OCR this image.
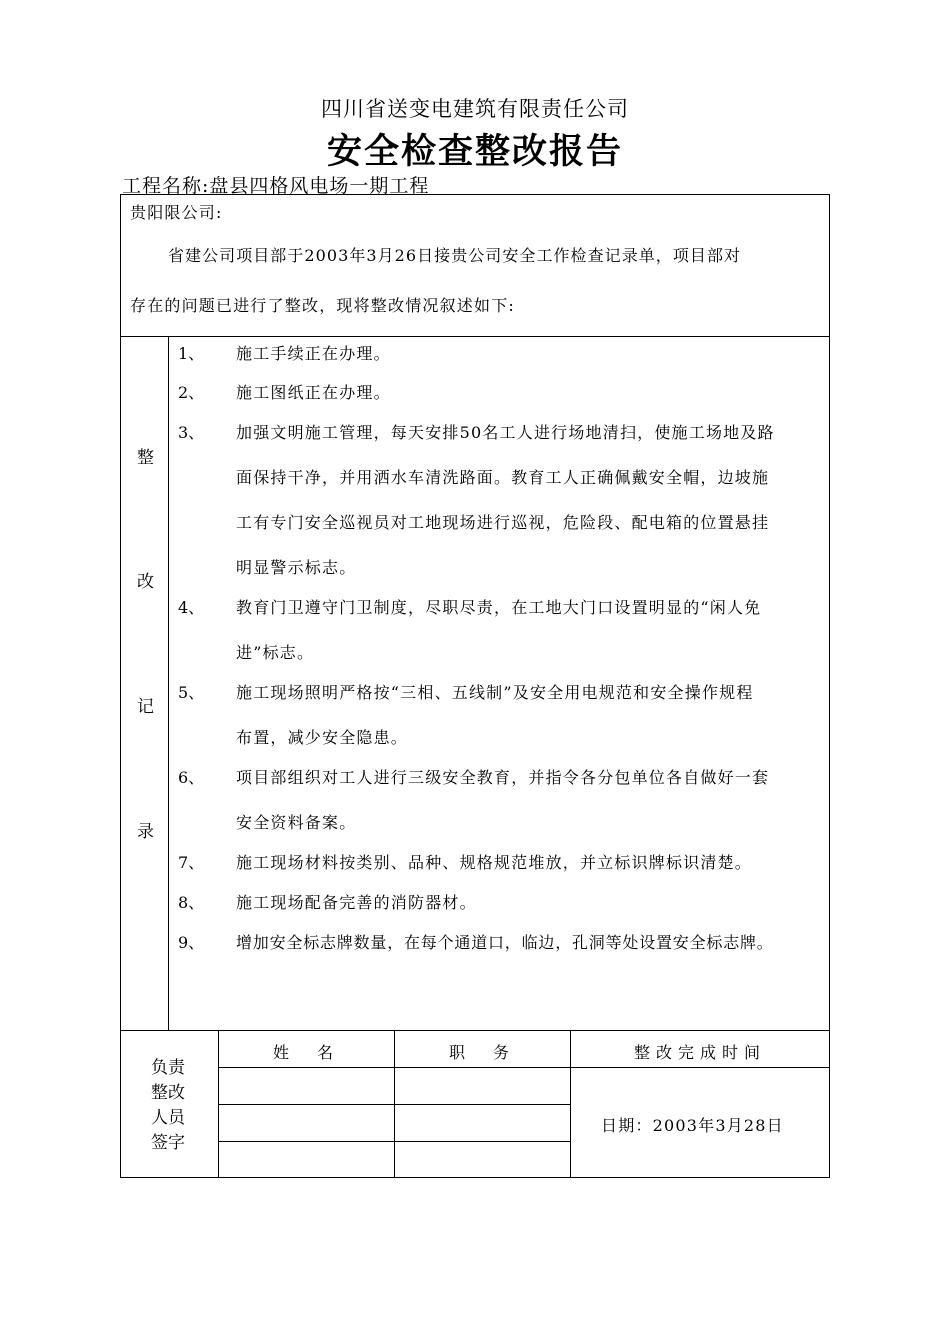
四川省送变电建筑有限责任公司
安全检查整改报告
工程名称:盘县四格风电场一期工程
贵阳限公司:
省建公司项目部于2003年3月26日接贵公司安全工作检查记录单，项目部对
存在的问题已进行了整改，现将整改情况叙述如下:
整
改
记
录
1、 施工手续正在办理。
2、 施工图纸正在办理。
3、 加强文明施工管理，每天安排50名工人进行场地清扫，使施工场地及路
面保持干净，并用洒水车清洗路面。教育工人正确佩戴安全帽，边坡施
工有专门安全巡视员对工地现场进行巡视，危险段、配电箱的位置悬挂
明显警示标志。
4、 教育门卫遵守门卫制度，尽职尽责，在工地大门口设置明显的“闲人免
进”标志。
5、 施工现场照明严格按“三相、五线制”及安全用电规范和安全操作规程
布置，减少安全隐患。
6、 项目部组织对工人进行三级安全教育，并指令各分包单位各自做好一套
安全资料备案。
7、 施工现场材料按类别、品种、规格规范堆放，并立标识牌标识清楚。
8、 施工现场配备完善的消防器材。
9、 增加安全标志牌数量，在每个通道口，临边，孔洞等处设置安全标志牌。
负责
整改
人员
签字
姓　名	职　务	整改完成时间
日期：2003年3月28日
